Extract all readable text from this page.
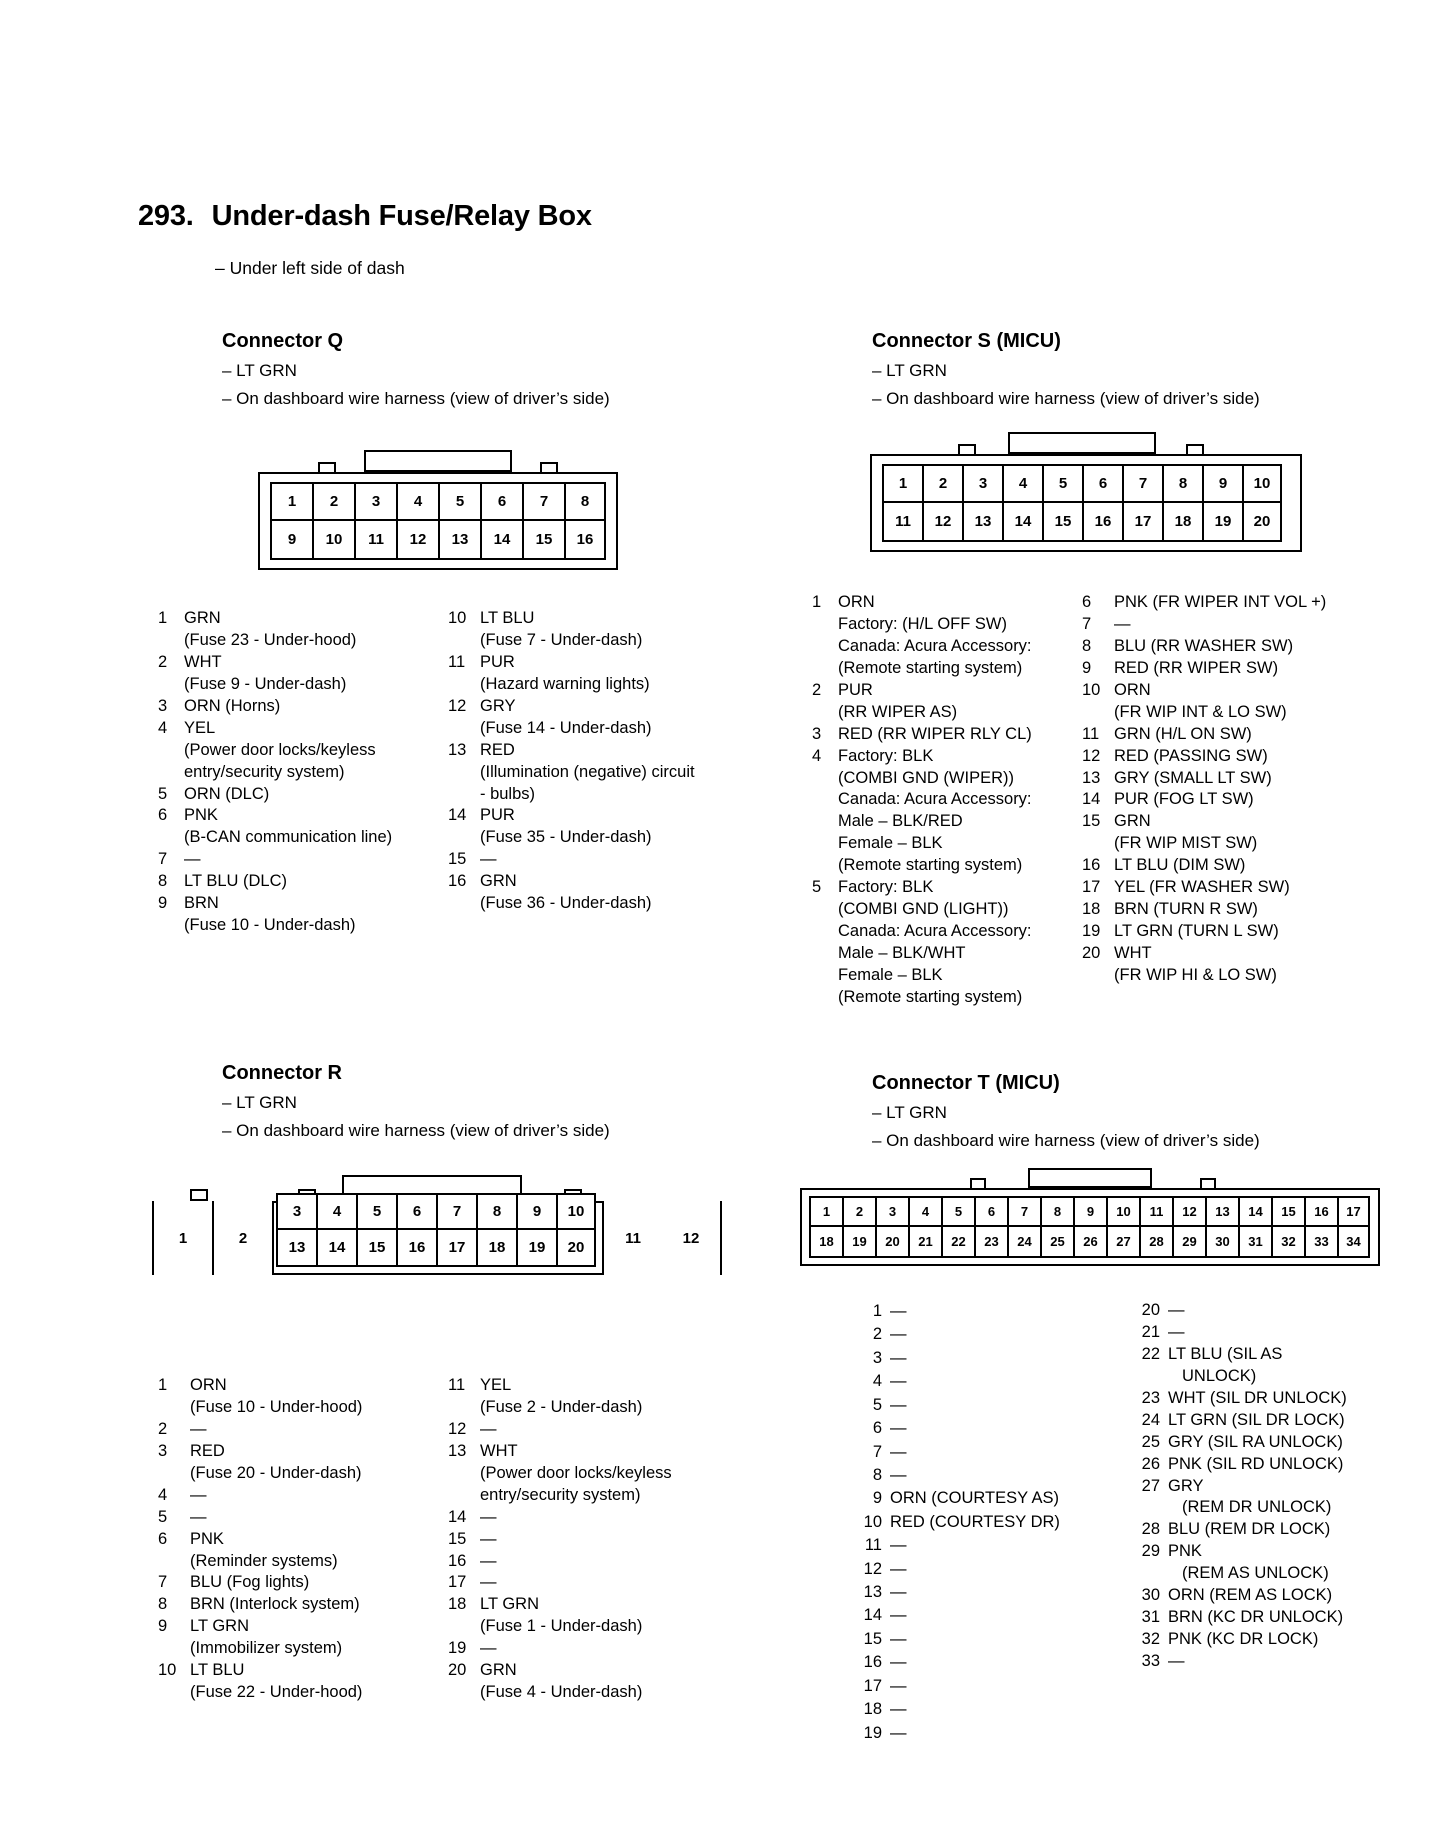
293. Under-dash Fuse/Relay Box
– Under left side of dash
Connector Q
– LT GRN
– On dashboard wire harness (view of driver’s side)
1	2	3	4	5	6	7	8
9	10	11	12	13	14	15	16
1	GRN
(Fuse 23 - Under-hood)
2	WHT
(Fuse 9 - Under-dash)
3	ORN (Horns)
4	YEL
(Power door locks/keyless
entry/security system)
5	ORN (DLC)
6	PNK
(B-CAN communication line)
7	—
8	LT BLU (DLC)
9	BRN
(Fuse 10 - Under-dash)
10 LT BLU
(Fuse 7 - Under-dash)
11 PUR
(Hazard warning lights)
12 GRY
(Fuse 14 - Under-dash)
13 RED
(Illumination (negative) circuit
- bulbs)
14 PUR
(Fuse 35 - Under-dash)
15 —
16 GRN
(Fuse 36 - Under-dash)
Connector R
– LT GRN
– On dashboard wire harness (view of driver’s side)
1	2
3	4	5	6	7	8	9	10
13	14	15	16	17	18	19	20
11	12
1	ORN
(Fuse 10 - Under-hood)
2	—
3	RED
(Fuse 20 - Under-dash)
4	—
5	—
6	PNK
(Reminder systems)
7	BLU (Fog lights)
8	BRN (Interlock system)
9	LT GRN
(Immobilizer system)
10 LT BLU
(Fuse 22 - Under-hood)
11 YEL
(Fuse 2 - Under-dash)
12 —
13 WHT
(Power door locks/keyless
entry/security system)
14 —
15 —
16 —
17 —
18 LT GRN
(Fuse 1 - Under-dash)
19 —
20 GRN
(Fuse 4 - Under-dash)
Connector S (MICU)
– LT GRN
– On dashboard wire harness (view of driver’s side)
1	2	3	4	5	6	7	8	9	10
11	12	13	14	15	16	17	18	19	20
1	ORN
Factory: (H/L OFF SW)
Canada: Acura Accessory:
(Remote starting system)
2	PUR
(RR WIPER AS)
3	RED (RR WIPER RLY CL)
4	Factory: BLK
(COMBI GND (WIPER))
Canada: Acura Accessory:
Male – BLK/RED
Female – BLK
(Remote starting system)
5	Factory: BLK
(COMBI GND (LIGHT))
Canada: Acura Accessory:
Male – BLK/WHT
Female – BLK
(Remote starting system)
6	PNK (FR WIPER INT VOL +)
7	—
8	BLU (RR WASHER SW)
9	RED (RR WIPER SW)
10 ORN
(FR WIP INT & LO SW)
11 GRN (H/L ON SW)
12 RED (PASSING SW)
13 GRY (SMALL LT SW)
14 PUR (FOG LT SW)
15 GRN
(FR WIP MIST SW)
16 LT BLU (DIM SW)
17 YEL (FR WASHER SW)
18 BRN (TURN R SW)
19 LT GRN (TURN L SW)
20 WHT
(FR WIP HI & LO SW)
Connector T (MICU)
– LT GRN
– On dashboard wire harness (view of driver’s side)
1	2	3	4	5	6	7	8	9	10	11	12	13	14	15	16	17
18	19	20	21	22	23	24	25	26	27	28	29	30	31	32	33	34
1 —
2 —
3 —
4 —
5 —
6 —
7 —
8 —
9 ORN (COURTESY AS)
10 RED (COURTESY DR)
11 —
12 —
13 —
14 —
15 —
16 —
17 —
18 —
19 —
20 —
21 —
22 LT BLU (SIL AS
UNLOCK)
23 WHT (SIL DR UNLOCK)
24 LT GRN (SIL DR LOCK)
25 GRY (SIL RA UNLOCK)
26 PNK (SIL RD UNLOCK)
27 GRY
(REM DR UNLOCK)
28 BLU (REM DR LOCK)
29 PNK
(REM AS UNLOCK)
30 ORN (REM AS LOCK)
31 BRN (KC DR UNLOCK)
32 PNK (KC DR LOCK)
33 —
